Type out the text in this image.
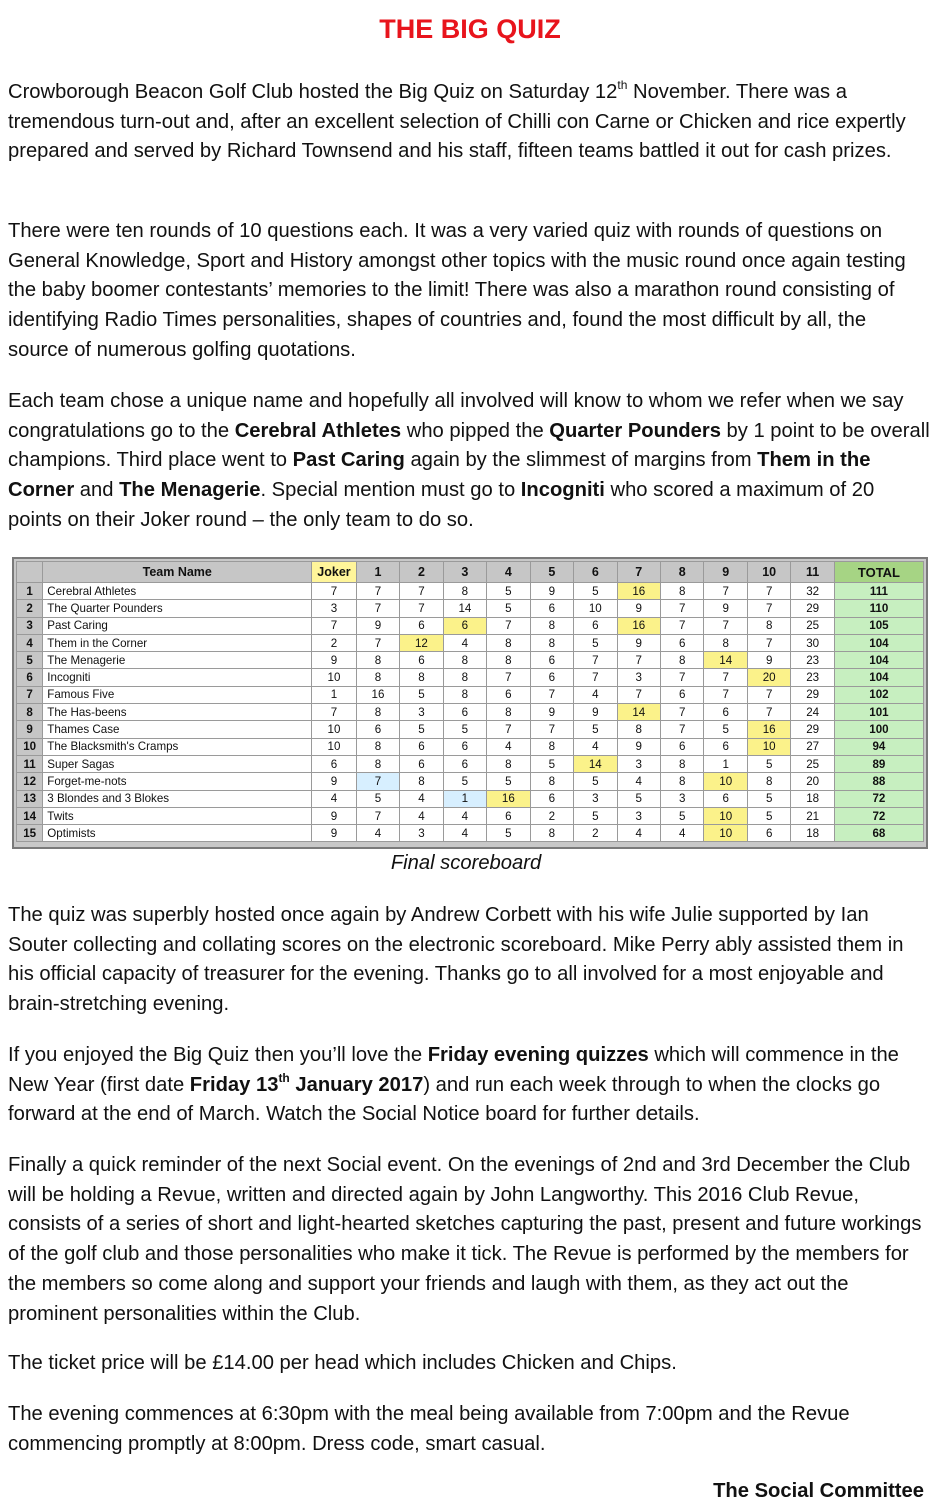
THE BIG QUIZ

Crowborough Beacon Golf Club hosted the Big Quiz on Saturday 12th November. There was a tremendous turn-out and, after an excellent selection of Chilli con Carne or Chicken and rice expertly prepared and served by Richard Townsend and his staff, fifteen teams battled it out for cash prizes.

There were ten rounds of 10 questions each. It was a very varied quiz with rounds of questions on General Knowledge, Sport and History amongst other topics with the music round once again testing the baby boomer contestants’ memories to the limit! There was also a marathon round consisting of identifying Radio Times personalities, shapes of countries and, found the most difficult by all, the source of numerous golfing quotations.

Each team chose a unique name and hopefully all involved will know to whom we refer when we say congratulations go to the Cerebral Athletes who pipped the Quarter Pounders by 1 point to be overall champions. Third place went to Past Caring again by the slimmest of margins from Them in the Corner and The Menagerie. Special mention must go to Incogniti who scored a maximum of 20 points on their Joker round – the only team to do so.

	Team Name	Joker	1	2	3	4	5	6	7	8	9	10	11	TOTAL
1	Cerebral Athletes	7	7	7	8	5	9	5	16	8	7	7	32	111
2	The Quarter Pounders	3	7	7	14	5	6	10	9	7	9	7	29	110
3	Past Caring	7	9	6	6	7	8	6	16	7	7	8	25	105
4	Them in the Corner	2	7	12	4	8	8	5	9	6	8	7	30	104
5	The Menagerie	9	8	6	8	8	6	7	7	8	14	9	23	104
6	Incogniti	10	8	8	8	7	6	7	3	7	7	20	23	104
7	Famous Five	1	16	5	8	6	7	4	7	6	7	7	29	102
8	The Has-beens	7	8	3	6	8	9	9	14	7	6	7	24	101
9	Thames Case	10	6	5	5	7	7	5	8	7	5	16	29	100
10	The Blacksmith's Cramps	10	8	6	6	4	8	4	9	6	6	10	27	94
11	Super Sagas	6	8	6	6	8	5	14	3	8	1	5	25	89
12	Forget-me-nots	9	7	8	5	5	8	5	4	8	10	8	20	88
13	3 Blondes and 3 Blokes	4	5	4	1	16	6	3	5	3	6	5	18	72
14	Twits	9	7	4	4	6	2	5	3	5	10	5	21	72
15	Optimists	9	4	3	4	5	8	2	4	4	10	6	18	68
Final scoreboard

The quiz was superbly hosted once again by Andrew Corbett with his wife Julie supported by Ian Souter collecting and collating scores on the electronic scoreboard. Mike Perry ably assisted them in his official capacity of treasurer for the evening. Thanks go to all involved for a most enjoyable and brain-stretching evening.

If you enjoyed the Big Quiz then you’ll love the Friday evening quizzes which will commence in the New Year (first date Friday 13th January 2017) and run each week through to when the clocks go forward at the end of March. Watch the Social Notice board for further details.

Finally a quick reminder of the next Social event. On the evenings of 2nd and 3rd December the Club will be holding a Revue, written and directed again by John Langworthy. This 2016 Club Revue, consists of a series of short and light-hearted sketches capturing the past, present and future workings of the golf club and those personalities who make it tick. The Revue is performed by the members for the members so come along and support your friends and laugh with them, as they act out the prominent personalities within the Club.

The ticket price will be £14.00 per head which includes Chicken and Chips.

The evening commences at 6:30pm with the meal being available from 7:00pm and the Revue commencing promptly at 8:00pm. Dress code, smart casual.

The Social Committee
